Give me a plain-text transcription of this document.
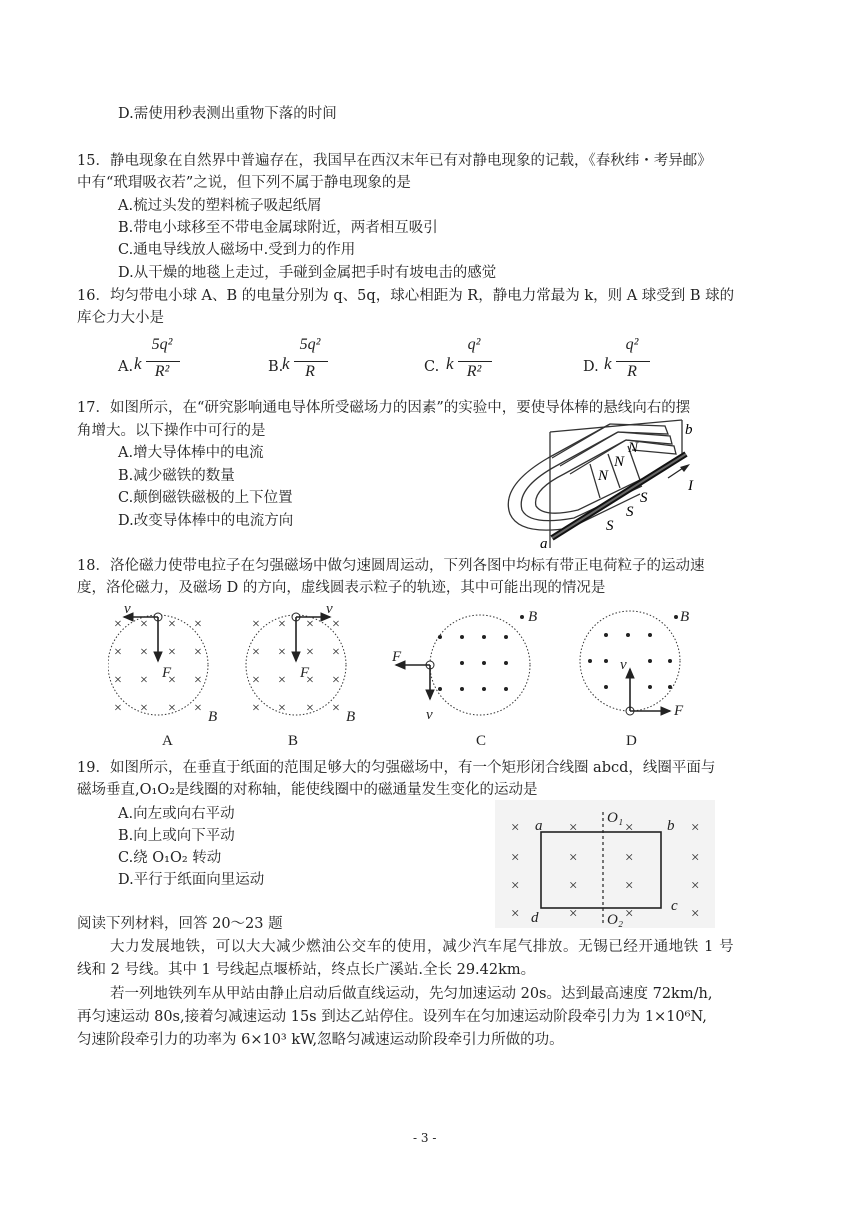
D.需使用秒表测出重物下落的时间
15．静电现象在自然界中普遍存在，我国早在西汉末年已有对静电现象的记载，《春秋纬・考异邮》
中有“玳瑁吸衣若”之说，但下列不属于静电现象的是
A.梳过头发的塑料梳子吸起纸屑
B.带电小球移至不带电金属球附近，两者相互吸引
C.通电导线放人磁场中.受到力的作用
D.从干燥的地毯上走过，手碰到金属把手时有坡电击的感觉
16．均匀带电小球 A、B 的电量分别为 q、5q，球心相距为 R，静电力常最为 k，则 A 球受到 B 球的
库仑力大小是
A. k
5q²
R²	B.
k
5q²
R	C. k
q²
R²	D. k
q²
R
17．如图所示，在“研究影响通电导体所受磁场力的因素”的实验中，要使导体棒的悬线向右的摆
角增大。以下操作中可行的是
A.增大导体棒中的电流
B.减少磁铁的数量
C.颠倒磁铁磁极的上下位置
D.改变导体棒中的电流方向
N
N
N
S
S
S
a
b
I
18．洛伦磁力使带电拉子在匀强磁场中做匀速圆周运动，下列各图中均标有带正电荷粒子的运动速
度，洛伦磁力，及磁场 D 的方向，虚线圆表示粒子的轨迹，其中可能出现的情况是
× × × ×
× × × ×
× × × ×
× × × ×
v
F
B
A
× × × ×
× × × ×
× × × ×
× × × ×
v
F
B
B
F
v
B
C
v
F
B
D
19．如图所示，在垂直于纸面的范围足够大的匀强磁场中，有一个矩形闭合线圈 abcd，线圈平面与
磁场垂直,O₁O₂是线圈的对称轴，能使线圈中的磁通量发生变化的运动是
A.向左或向右平动
B.向上或向下平动
C.绕 O₁O₂ 转动
D.平行于纸面向里运动
×	×	×	×
×	×	×	×
×	×	×	×
×	×	×	×
a	b
c
d
O₁
O₂
阅读下列材料，回答 20～23 题
大力发展地铁，可以大大减少燃油公交车的使用，减少汽车尾气排放。无锡已经开通地铁 1 号
线和 2 号线。其中 1 号线起点堰桥站，终点长广溪站.全长 29.42km。
若一列地铁列车从甲站由静止启动后做直线运动，先匀加速运动 20s。达到最高速度 72km/h,
再匀速运动 80s,接着匀减速运动 15s 到达乙站停住。设列车在匀加速运动阶段牵引力为 1×10⁶N,
匀速阶段牵引力的功率为 6×10³ kW,忽略匀减速运动阶段牵引力所做的功。
- 3 -
